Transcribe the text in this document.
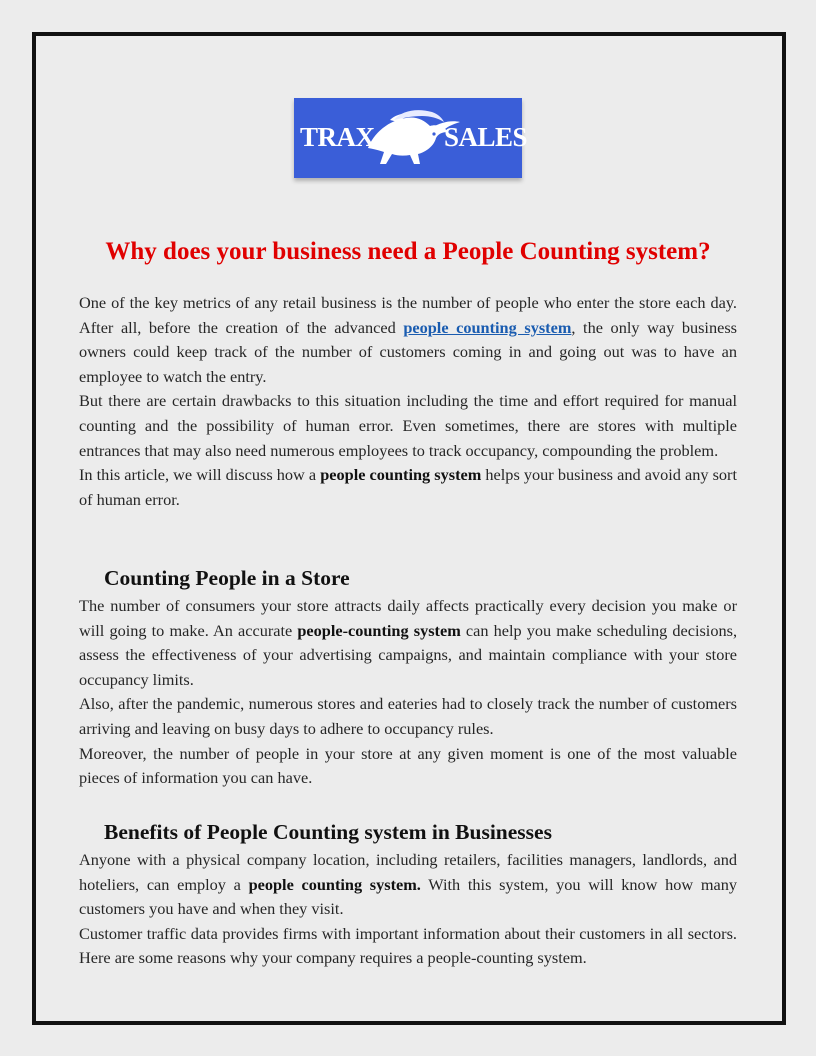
TRAX	SALES
Why does your business need a People Counting system?

One of the key metrics of any retail business is the number of people who enter the store each day. After all, before the creation of the advanced people counting system, the only way business owners could keep track of the number of customers coming in and going out was to have an employee to watch the entry.

But there are certain drawbacks to this situation including the time and effort required for manual counting and the possibility of human error. Even sometimes, there are stores with multiple entrances that may also need numerous employees to track occupancy, compounding the problem.

In this article, we will discuss how a people counting system helps your business and avoid any sort of human error.

Counting People in a Store

The number of consumers your store attracts daily affects practically every decision you make or will going to make. An accurate people-counting system can help you make scheduling decisions, assess the effectiveness of your advertising campaigns, and maintain compliance with your store occupancy limits.

Also, after the pandemic, numerous stores and eateries had to closely track the number of customers arriving and leaving on busy days to adhere to occupancy rules.

Moreover, the number of people in your store at any given moment is one of the most valuable pieces of information you can have.

Benefits of People Counting system in Businesses

Anyone with a physical company location, including retailers, facilities managers, landlords, and hoteliers, can employ a people counting system. With this system, you will know how many customers you have and when they visit.

Customer traffic data provides firms with important information about their customers in all sectors. Here are some reasons why your company requires a people-counting system.
